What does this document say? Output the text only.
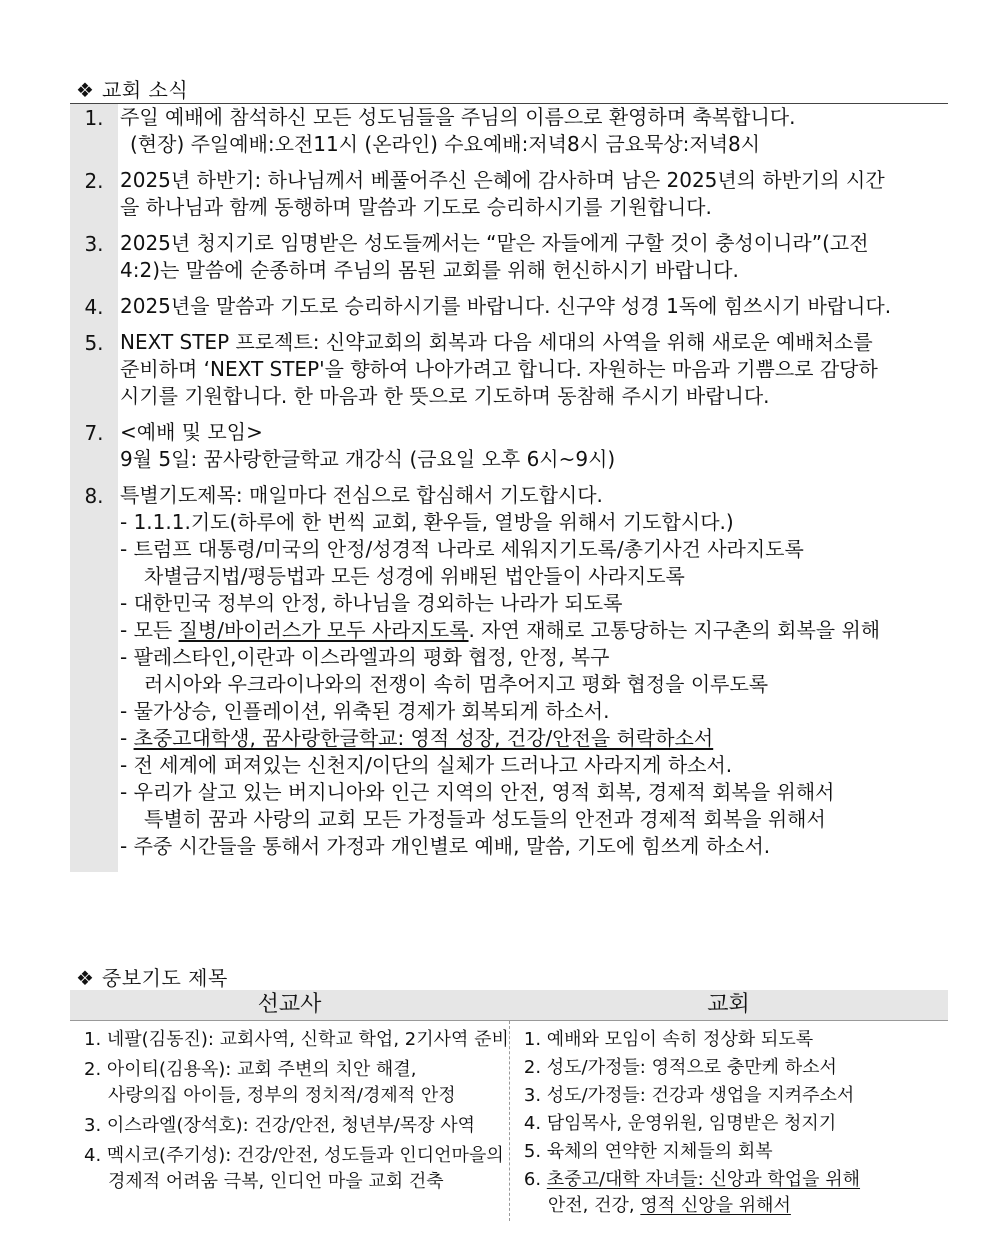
❖ 교회 소식
1. 주일 예배에 참석하신 모든 성도님들을 주님의 이름으로 환영하며 축복합니다.
(현장) 주일예배:오전11시 (온라인) 수요예배:저녁8시 금요묵상:저녁8시
2. 2025년 하반기: 하나님께서 베풀어주신 은혜에 감사하며 남은 2025년의 하반기의 시간
을 하나님과 함께 동행하며 말씀과 기도로 승리하시기를 기원합니다.
3. 2025년 청지기로 임명받은 성도들께서는 “맡은 자들에게 구할 것이 충성이니라”(고전
4:2)는 말씀에 순종하며 주님의 몸된 교회를 위해 헌신하시기 바랍니다.
4. 2025년을 말씀과 기도로 승리하시기를 바랍니다. 신구약 성경 1독에 힘쓰시기 바랍니다.
5. NEXT STEP 프로젝트: 신약교회의 회복과 다음 세대의 사역을 위해 새로운 예배처소를
준비하며 ‘NEXT STEP'을 향하여 나아가려고 합니다. 자원하는 마음과 기쁨으로 감당하
시기를 기원합니다. 한 마음과 한 뜻으로 기도하며 동참해 주시기 바랍니다.
7. <예배 및 모임>
9월 5일: 꿈사랑한글학교 개강식 (금요일 오후 6시~9시)
8. 특별기도제목: 매일마다 전심으로 합심해서 기도합시다.
- 1.1.1.기도(하루에 한 번씩 교회, 환우들, 열방을 위해서 기도합시다.)
- 트럼프 대통령/미국의 안정/성경적 나라로 세워지기도록/총기사건 사라지도록
차별금지법/평등법과 모든 성경에 위배된 법안들이 사라지도록
- 대한민국 정부의 안정, 하나님을 경외하는 나라가 되도록
- 모든 질병/바이러스가 모두 사라지도록. 자연 재해로 고통당하는 지구촌의 회복을 위해
- 팔레스타인,이란과 이스라엘과의 평화 협정, 안정, 복구
러시아와 우크라이나와의 전쟁이 속히 멈추어지고 평화 협정을 이루도록
- 물가상승, 인플레이션, 위축된 경제가 회복되게 하소서.
- 초중고대학생, 꿈사랑한글학교: 영적 성장, 건강/안전을 허락하소서
- 전 세계에 퍼져있는 신천지/이단의 실체가 드러나고 사라지게 하소서.
- 우리가 살고 있는 버지니아와 인근 지역의 안전, 영적 회복, 경제적 회복을 위해서
특별히 꿈과 사랑의 교회 모든 가정들과 성도들의 안전과 경제적 회복을 위해서
- 주중 시간들을 통해서 가정과 개인별로 예배, 말씀, 기도에 힘쓰게 하소서.
❖ 중보기도 제목
선교사	교회
1. 네팔(김동진): 교회사역, 신학교 학업, 2기사역 준비
2. 아이티(김용옥): 교회 주변의 치안 해결,
사랑의집 아이들, 정부의 정치적/경제적 안정
3. 이스라엘(장석호): 건강/안전, 청년부/목장 사역
4. 멕시코(주기성): 건강/안전, 성도들과 인디언마을의
경제적 어려움 극복, 인디언 마을 교회 건축
1. 예배와 모임이 속히 정상화 되도록
2. 성도/가정들: 영적으로 충만케 하소서
3. 성도/가정들: 건강과 생업을 지켜주소서
4. 담임목사, 운영위원, 임명받은 청지기
5. 육체의 연약한 지체들의 회복
6. 초중고/대학 자녀들: 신앙과 학업을 위해
안전, 건강, 영적 신앙을 위해서
